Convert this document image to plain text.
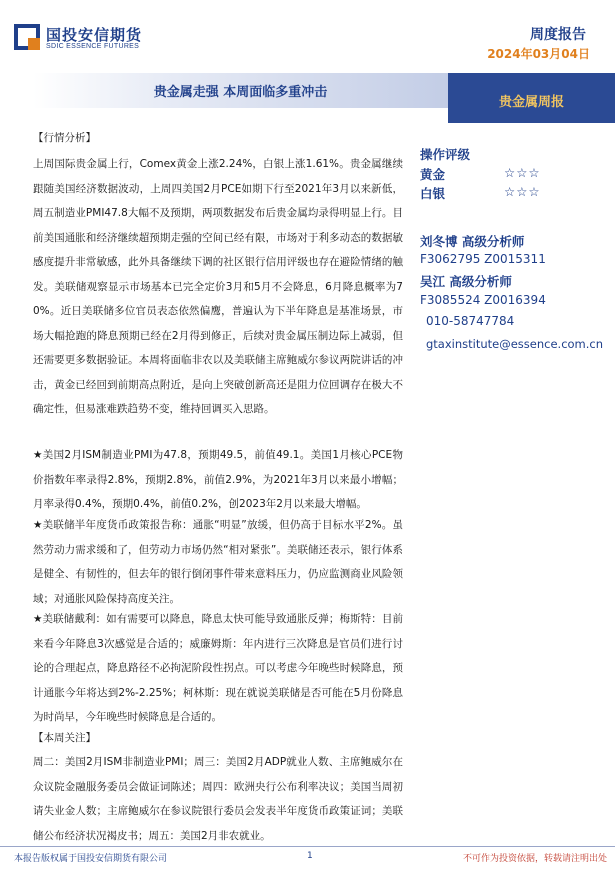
国投安信期货
SDIC ESSENCE FUTURES
周度报告
2024年03月04日
贵金属走强 本周面临多重冲击
贵金属周报
【行情分析】
上周国际贵金属上行，Comex黄金上涨2.24%，白银上涨1.61%。贵金属继续跟随美国经济数据波动，上周四美国2月PCE如期下行至2021年3月以来新低，周五制造业PMI47.8大幅不及预期，两项数据发布后贵金属均录得明显上行。目前美国通胀和经济继续超预期走强的空间已经有限，市场对于利多动态的数据敏感度提升非常敏感，此外具备继续下调的社区银行信用评级也存在避险情绪的触发。美联储观察显示市场基本已完全定价3月和5月不会降息，6月降息概率为70%。近日美联储多位官员表态依然偏鹰，普遍认为下半年降息是基准场景，市场大幅抢跑的降息预期已经在2月得到修正，后续对贵金属压制边际上减弱，但还需要更多数据验证。本周将面临非农以及美联储主席鲍威尔参议两院讲话的冲击，黄金已经回到前期高点附近，是向上突破创新高还是阻力位回调存在极大不确定性，但易涨难跌趋势不变，维持回调买入思路。
★美国2月ISM制造业PMI为47.8，预期49.5，前值49.1。美国1月核心PCE物价指数年率录得2.8%，预期2.8%，前值2.9%，为2021年3月以来最小增幅；月率录得0.4%，预期0.4%，前值0.2%，创2023年2月以来最大增幅。
★美联储半年度货币政策报告称：通胀“明显”放缓，但仍高于目标水平2%。虽然劳动力需求缓和了，但劳动力市场仍然“相对紧张”。美联储还表示，银行体系是健全、有韧性的，但去年的银行倒闭事件带来意料压力，仍应监测商业风险领域；对通胀风险保持高度关注。
★美联储戴利：如有需要可以降息，降息太快可能导致通胀反弹；梅斯特：目前来看今年降息3次感觉是合适的；威廉姆斯：年内进行三次降息是官员们进行讨论的合理起点，降息路径不必拘泥阶段性拐点。可以考虑今年晚些时候降息，预计通胀今年将达到2%-2.25%；柯林斯：现在就说美联储是否可能在5月份降息为时尚早，今年晚些时候降息是合适的。
【本周关注】
周二：美国2月ISM非制造业PMI；周三：美国2月ADP就业人数、主席鲍威尔在众议院金融服务委员会做证词陈述；周四：欧洲央行公布利率决议；美国当周初请失业金人数；主席鲍威尔在参议院银行委员会发表半年度货币政策证词；美联储公布经济状况褐皮书；周五：美国2月非农就业。
操作评级
黄金	☆☆☆
白银	☆☆☆
刘冬博 高级分析师
F3062795 Z0015311
吴江 高级分析师
F3085524 Z0016394
010-58747784
gtaxinstitute@essence.com.cn
本报告版权属于国投安信期货有限公司	1	不可作为投资依据，转载请注明出处
